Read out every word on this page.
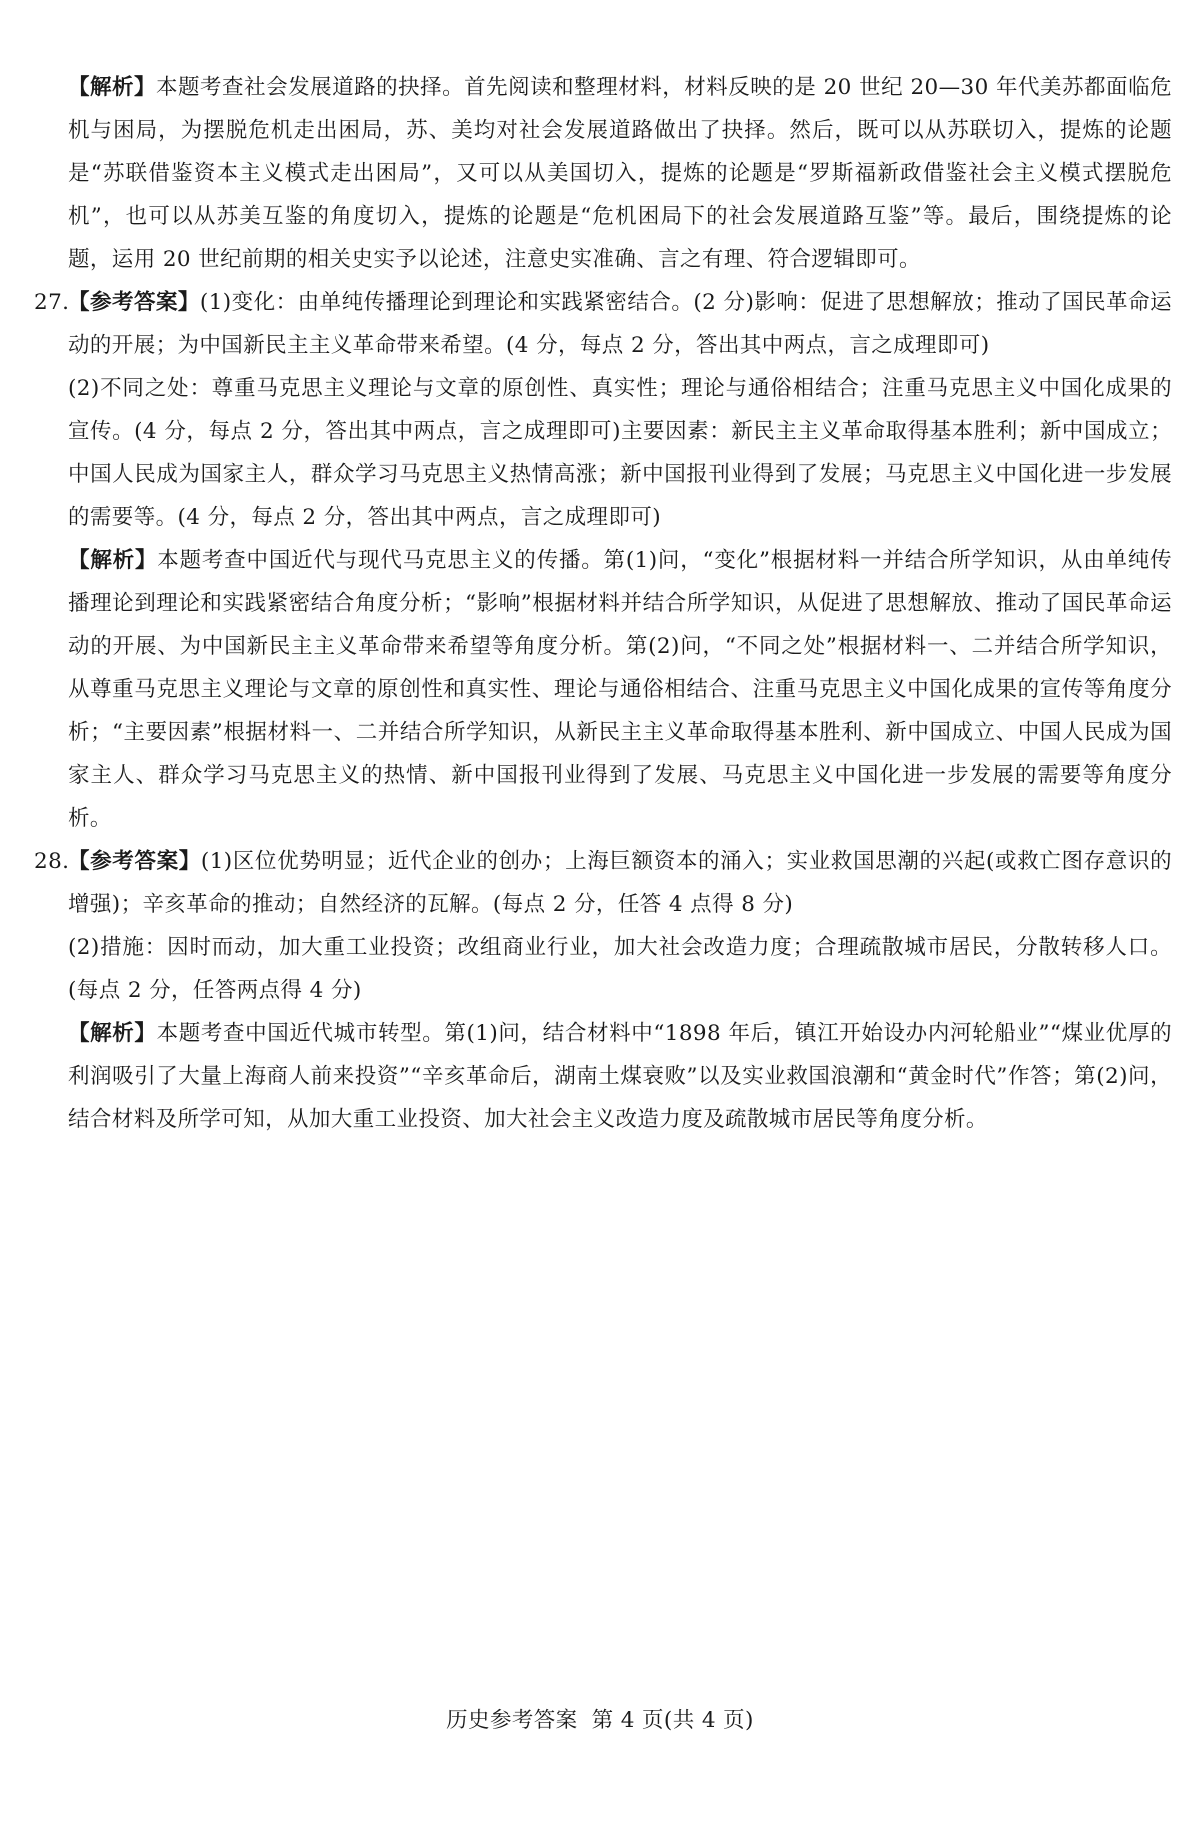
【解析】本题考查社会发展道路的抉择。首先阅读和整理材料，材料反映的是 20 世纪 20—30 年代美苏都面临危机与困局，为摆脱危机走出困局，苏、美均对社会发展道路做出了抉择。然后，既可以从苏联切入，提炼的论题是“苏联借鉴资本主义模式走出困局”，又可以从美国切入，提炼的论题是“罗斯福新政借鉴社会主义模式摆脱危机”，也可以从苏美互鉴的角度切入，提炼的论题是“危机困局下的社会发展道路互鉴”等。最后，围绕提炼的论题，运用 20 世纪前期的相关史实予以论述，注意史实准确、言之有理、符合逻辑即可。

27.

【参考答案】(1)变化：由单纯传播理论到理论和实践紧密结合。(2 分)影响：促进了思想解放；推动了国民革命运动的开展；为中国新民主主义革命带来希望。(4 分，每点 2 分，答出其中两点，言之成理即可)

(2)不同之处：尊重马克思主义理论与文章的原创性、真实性；理论与通俗相结合；注重马克思主义中国化成果的宣传。(4 分，每点 2 分，答出其中两点，言之成理即可)主要因素：新民主主义革命取得基本胜利；新中国成立；中国人民成为国家主人，群众学习马克思主义热情高涨；新中国报刊业得到了发展；马克思主义中国化进一步发展的需要等。(4 分，每点 2 分，答出其中两点，言之成理即可)

【解析】本题考查中国近代与现代马克思主义的传播。第(1)问，“变化”根据材料一并结合所学知识，从由单纯传播理论到理论和实践紧密结合角度分析；“影响”根据材料并结合所学知识，从促进了思想解放、推动了国民革命运动的开展、为中国新民主主义革命带来希望等角度分析。第(2)问，“不同之处”根据材料一、二并结合所学知识，从尊重马克思主义理论与文章的原创性和真实性、理论与通俗相结合、注重马克思主义中国化成果的宣传等角度分析；“主要因素”根据材料一、二并结合所学知识，从新民主主义革命取得基本胜利、新中国成立、中国人民成为国家主人、群众学习马克思主义的热情、新中国报刊业得到了发展、马克思主义中国化进一步发展的需要等角度分析。

28.

【参考答案】(1)区位优势明显；近代企业的创办；上海巨额资本的涌入；实业救国思潮的兴起(或救亡图存意识的增强)；辛亥革命的推动；自然经济的瓦解。(每点 2 分，任答 4 点得 8 分)

(2)措施：因时而动，加大重工业投资；改组商业行业，加大社会改造力度；合理疏散城市居民，分散转移人口。(每点 2 分，任答两点得 4 分)

【解析】本题考查中国近代城市转型。第(1)问，结合材料中“1898 年后，镇江开始设办内河轮船业”“煤业优厚的利润吸引了大量上海商人前来投资”“辛亥革命后，湖南土煤衰败”以及实业救国浪潮和“黄金时代”作答；第(2)问，结合材料及所学可知，从加大重工业投资、加大社会主义改造力度及疏散城市居民等角度分析。

历史参考答案 第 4 页(共 4 页)
